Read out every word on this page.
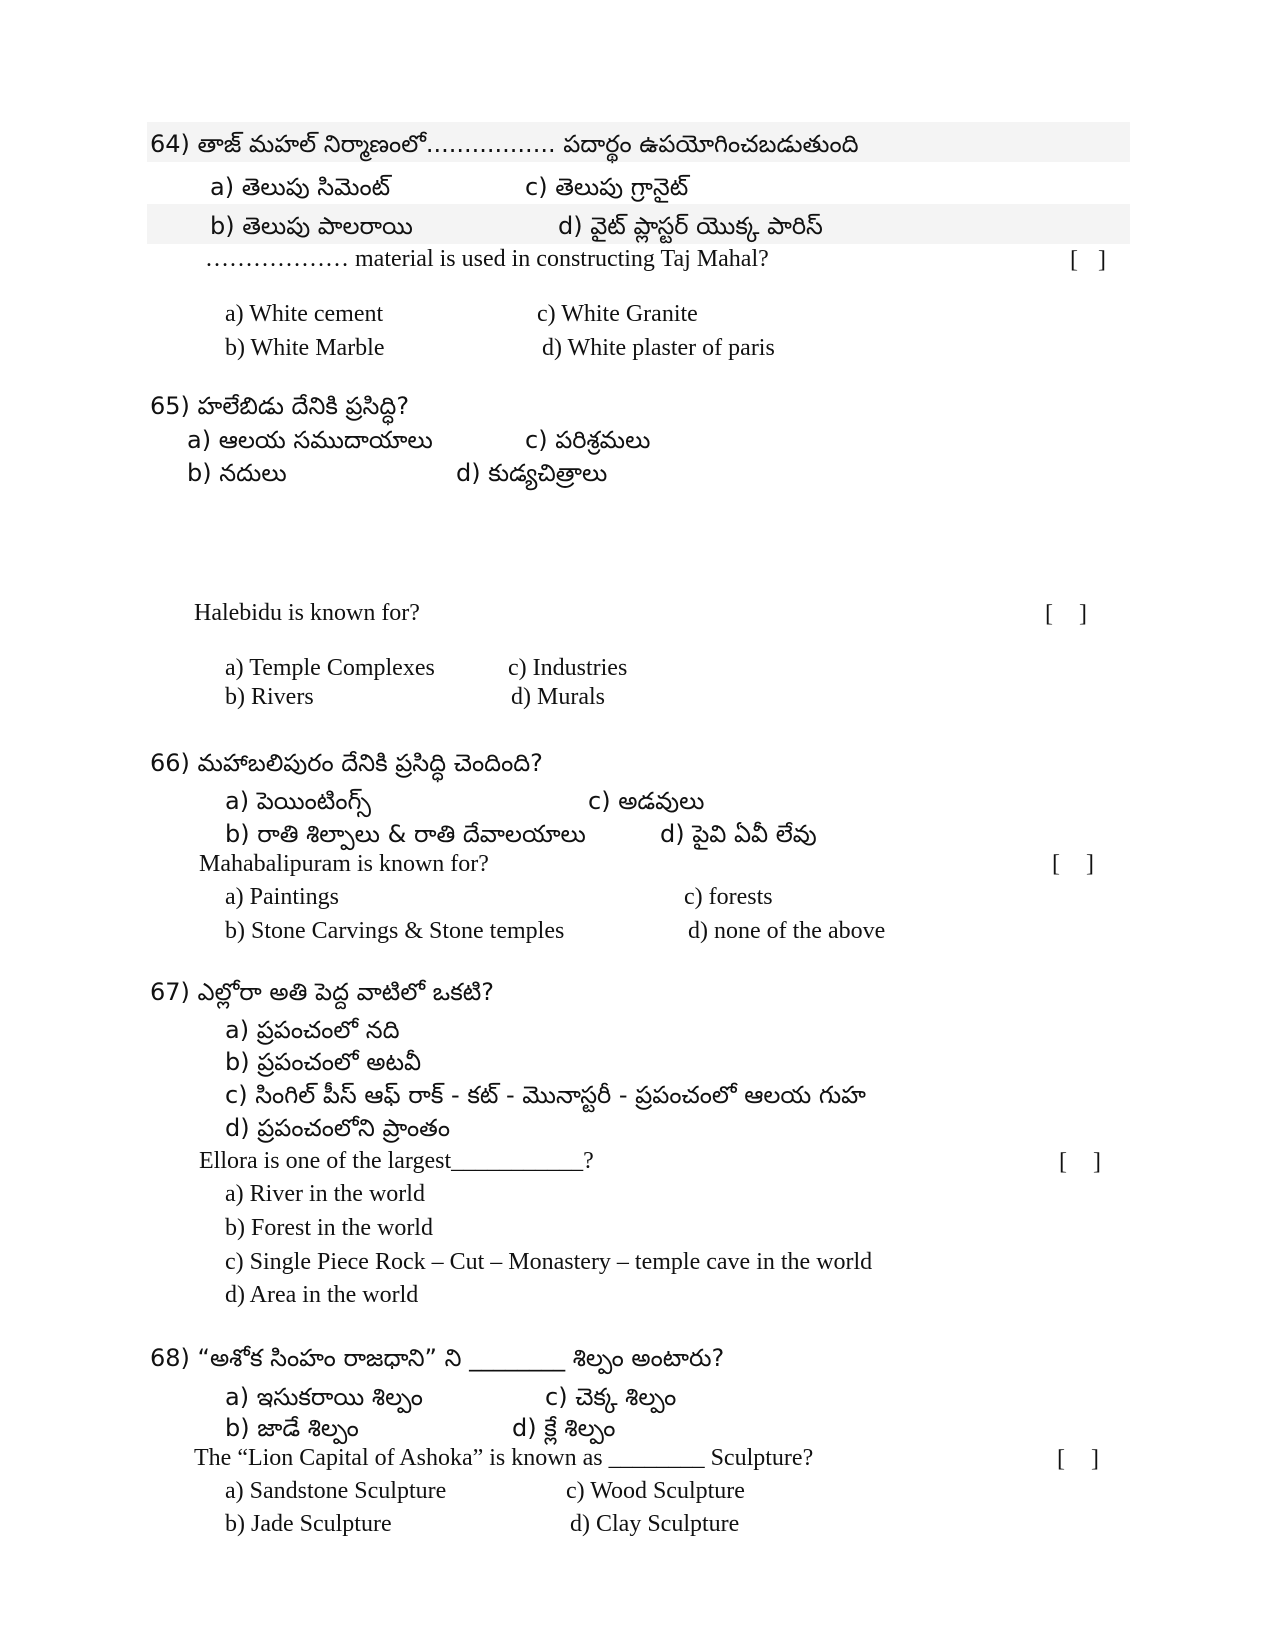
64) తాజ్ మహల్ నిర్మాణంలో................. పదార్థం ఉపయోగించబడుతుంది
a) తెలుపు సిమెంట్	c) తెలుపు గ్రానైట్
b) తెలుపు పాలరాయి	d) వైట్ ప్లాస్టర్ యొక్క పారిస్
……………… material is used in constructing Taj Mahal?	[ ]
a) White cement	c) White Granite
b) White Marble	d) White plaster of paris
65) హలేబిడు దేనికి ప్రసిద్ధి?
a) ఆలయ సముదాయాలు	c) పరిశ్రమలు
b) నదులు	d) కుడ్యచిత్రాలు
Halebidu is known for?	[ ]
a) Temple Complexes	c) Industries
b) Rivers	d) Murals
66) మహాబలిపురం దేనికి ప్రసిద్ధి చెందింది?
a) పెయింటింగ్స్	c) అడవులు
b) రాతి శిల్పాలు & రాతి దేవాలయాలు	d) పైవి ఏవీ లేవు
Mahabalipuram is known for?	[ ]
a) Paintings	c) forests
b) Stone Carvings & Stone temples	d) none of the above
67) ఎల్లోరా అతి పెద్ద వాటిలో ఒకటి?
a) ప్రపంచంలో నది
b) ప్రపంచంలో అటవీ
c) సింగిల్ పీస్ ఆఫ్ రాక్ - కట్ - మొనాస్టరీ - ప్రపంచంలో ఆలయ గుహ
d) ప్రపంచంలోని ప్రాంతం
Ellora is one of the largest___________?	[ ]
a) River in the world
b) Forest in the world
c) Single Piece Rock – Cut – Monastery – temple cave in the world
d) Area in the world
68) “అశోక సింహం రాజధాని” ని ________ శిల్పం అంటారు?
a) ఇసుకరాయి శిల్పం	c) చెక్క శిల్పం
b) జాడే శిల్పం	d) క్లే శిల్పం
The “Lion Capital of Ashoka” is known as ________ Sculpture?	[ ]
a) Sandstone Sculpture	c) Wood Sculpture
b) Jade Sculpture	d) Clay Sculpture
